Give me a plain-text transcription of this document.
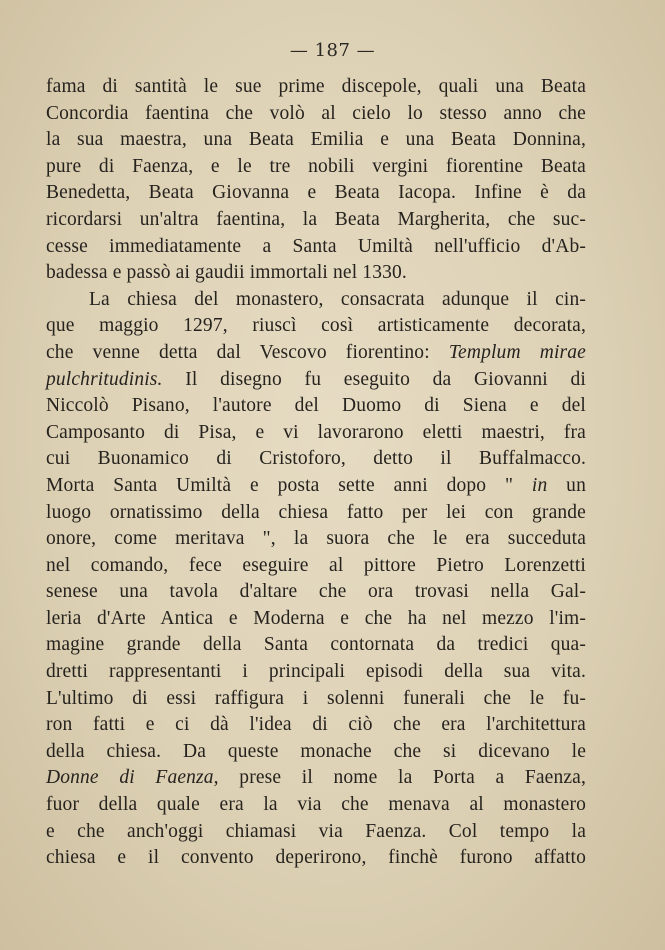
— 187 —
fama di santità le sue prime discepole, quali una Beata
Concordia faentina che volò al cielo lo stesso anno che
la sua maestra, una Beata Emilia e una Beata Donnina,
pure di Faenza, e le tre nobili vergini fiorentine Beata
Benedetta, Beata Giovanna e Beata Iacopa. Infine è da
ricordarsi un'altra faentina, la Beata Margherita, che suc-
cesse immediatamente a Santa Umiltà nell'ufficio d'Ab-
badessa e passò ai gaudii immortali nel 1330.
La chiesa del monastero, consacrata adunque il cin-
que maggio 1297, riuscì così artisticamente decorata,
che venne detta dal Vescovo fiorentino: Templum mirae
pulchritudinis. Il disegno fu eseguito da Giovanni di
Niccolò Pisano, l'autore del Duomo di Siena e del
Camposanto di Pisa, e vi lavorarono eletti maestri, fra
cui Buonamico di Cristoforo, detto il Buffalmacco.
Morta Santa Umiltà e posta sette anni dopo " in un
luogo ornatissimo della chiesa fatto per lei con grande
onore, come meritava ", la suora che le era succeduta
nel comando, fece eseguire al pittore Pietro Lorenzetti
senese una tavola d'altare che ora trovasi nella Gal-
leria d'Arte Antica e Moderna e che ha nel mezzo l'im-
magine grande della Santa contornata da tredici qua-
dretti rappresentanti i principali episodi della sua vita.
L'ultimo di essi raffigura i solenni funerali che le fu-
ron fatti e ci dà l'idea di ciò che era l'architettura
della chiesa. Da queste monache che si dicevano le
Donne di Faenza, prese il nome la Porta a Faenza,
fuor della quale era la via che menava al monastero
e che anch'oggi chiamasi via Faenza. Col tempo la
chiesa e il convento deperirono, finchè furono affatto
